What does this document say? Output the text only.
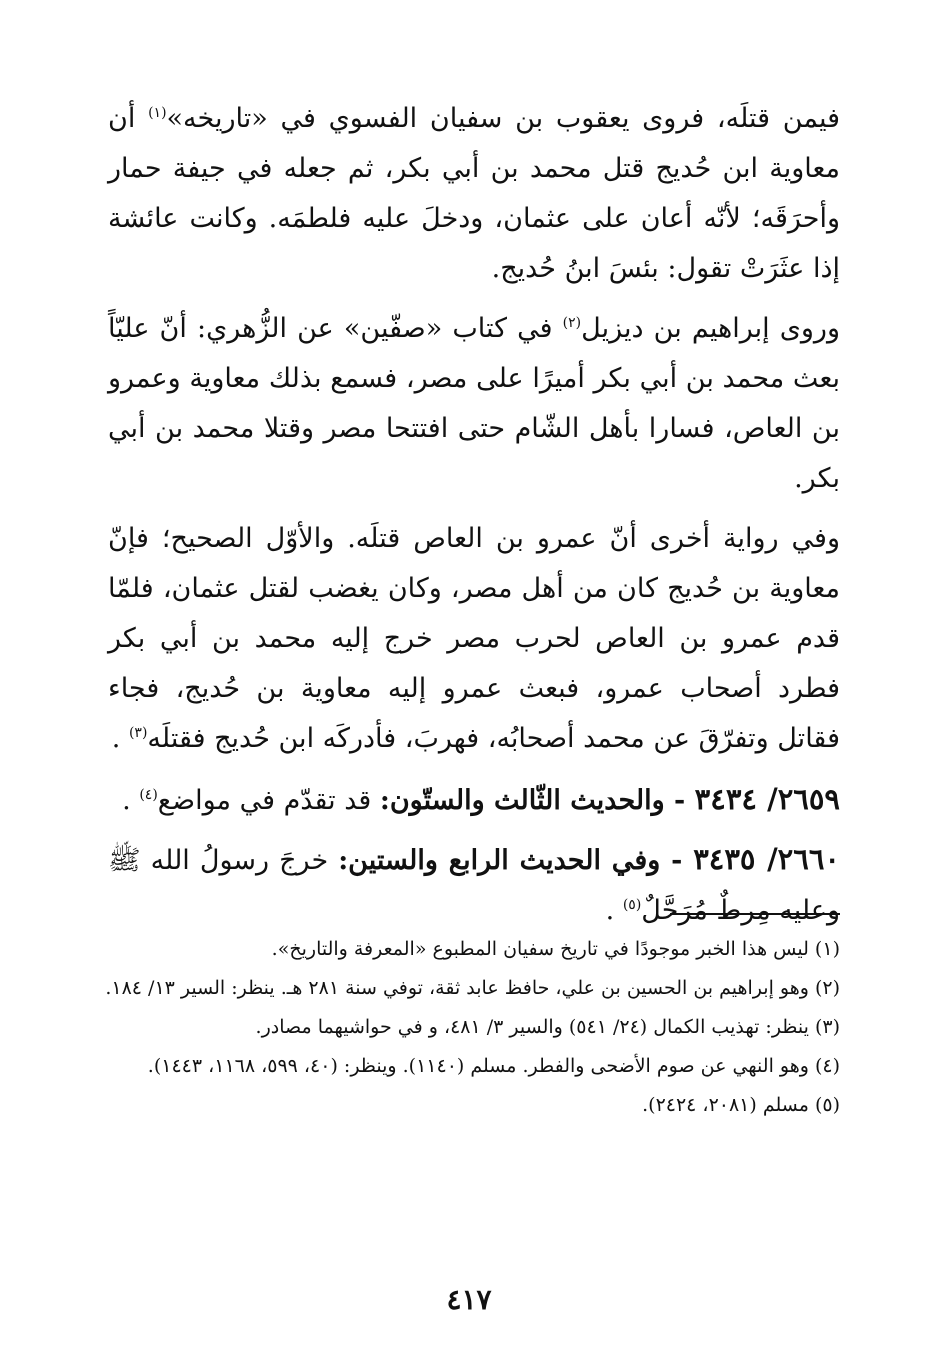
فيمن قتلَه، فروى يعقوب بن سفيان الفسوي في «تاريخه»$^{(١)}$ أن معاوية ابن حُديج قتل محمد بن أبي بكر، ثم جعله في جيفة حمار وأحرَقَه؛ لأنّه أعان على عثمان، ودخلَ عليه فلطمَه. وكانت عائشة إذا عثَرَتْ تقول: بئسَ ابنُ حُديج.

وروى إبراهيم بن ديزيل$^{(٢)}$ في كتاب «صفّين» عن الزُّهري: أنّ عليّاً بعث محمد بن أبي بكر أميرًا على مصر، فسمع بذلك معاوية وعمرو بن العاص، فسارا بأهل الشّام حتى افتتحا مصر وقتلا محمد بن أبي بكر.

وفي رواية أخرى أنّ عمرو بن العاص قتلَه. والأوّل الصحيح؛ فإنّ معاوية بن حُديج كان من أهل مصر، وكان يغضب لقتل عثمان، فلمّا قدم عمرو بن العاص لحرب مصر خرج إليه محمد بن أبي بكر فطرد أصحاب عمرو، فبعث عمرو إليه معاوية بن حُديج، فجاء فقاتل وتفرّقَ عن محمد أصحابُه، فهربَ، فأدركَه ابن حُديج فقتلَه$^{(٣)}$ .

٢٦٥٩/ ٣٤٣٤ - والحديث الثّالث والستّون: قد تقدّم في مواضع$^{(٤)}$ .

٢٦٦٠/ ٣٤٣٥ - وفي الحديث الرابع والستين: خرجَ رسولُ الله ﷺ وعليه مِرطٌ مُرَحَّلٌ$^{(٥)}$ .

(١) ليس هذا الخبر موجودًا في تاريخ سفيان المطبوع «المعرفة والتاريخ».

(٢) وهو إبراهيم بن الحسين بن علي، حافظ عابد ثقة، توفي سنة ٢٨١ هـ. ينظر: السير ١٣/ ١٨٤.

(٣) ينظر: تهذيب الكمال (٢٤/ ٥٤١) والسير ٣/ ٤٨١، و في حواشيهما مصادر.

(٤) وهو النهي عن صوم الأضحى والفطر. مسلم (١١٤٠). وينظر: (٤٠، ٥٩٩، ١١٦٨، ١٤٤٣).

(٥) مسلم (٢٠٨١، ٢٤٢٤).

٤١٧
